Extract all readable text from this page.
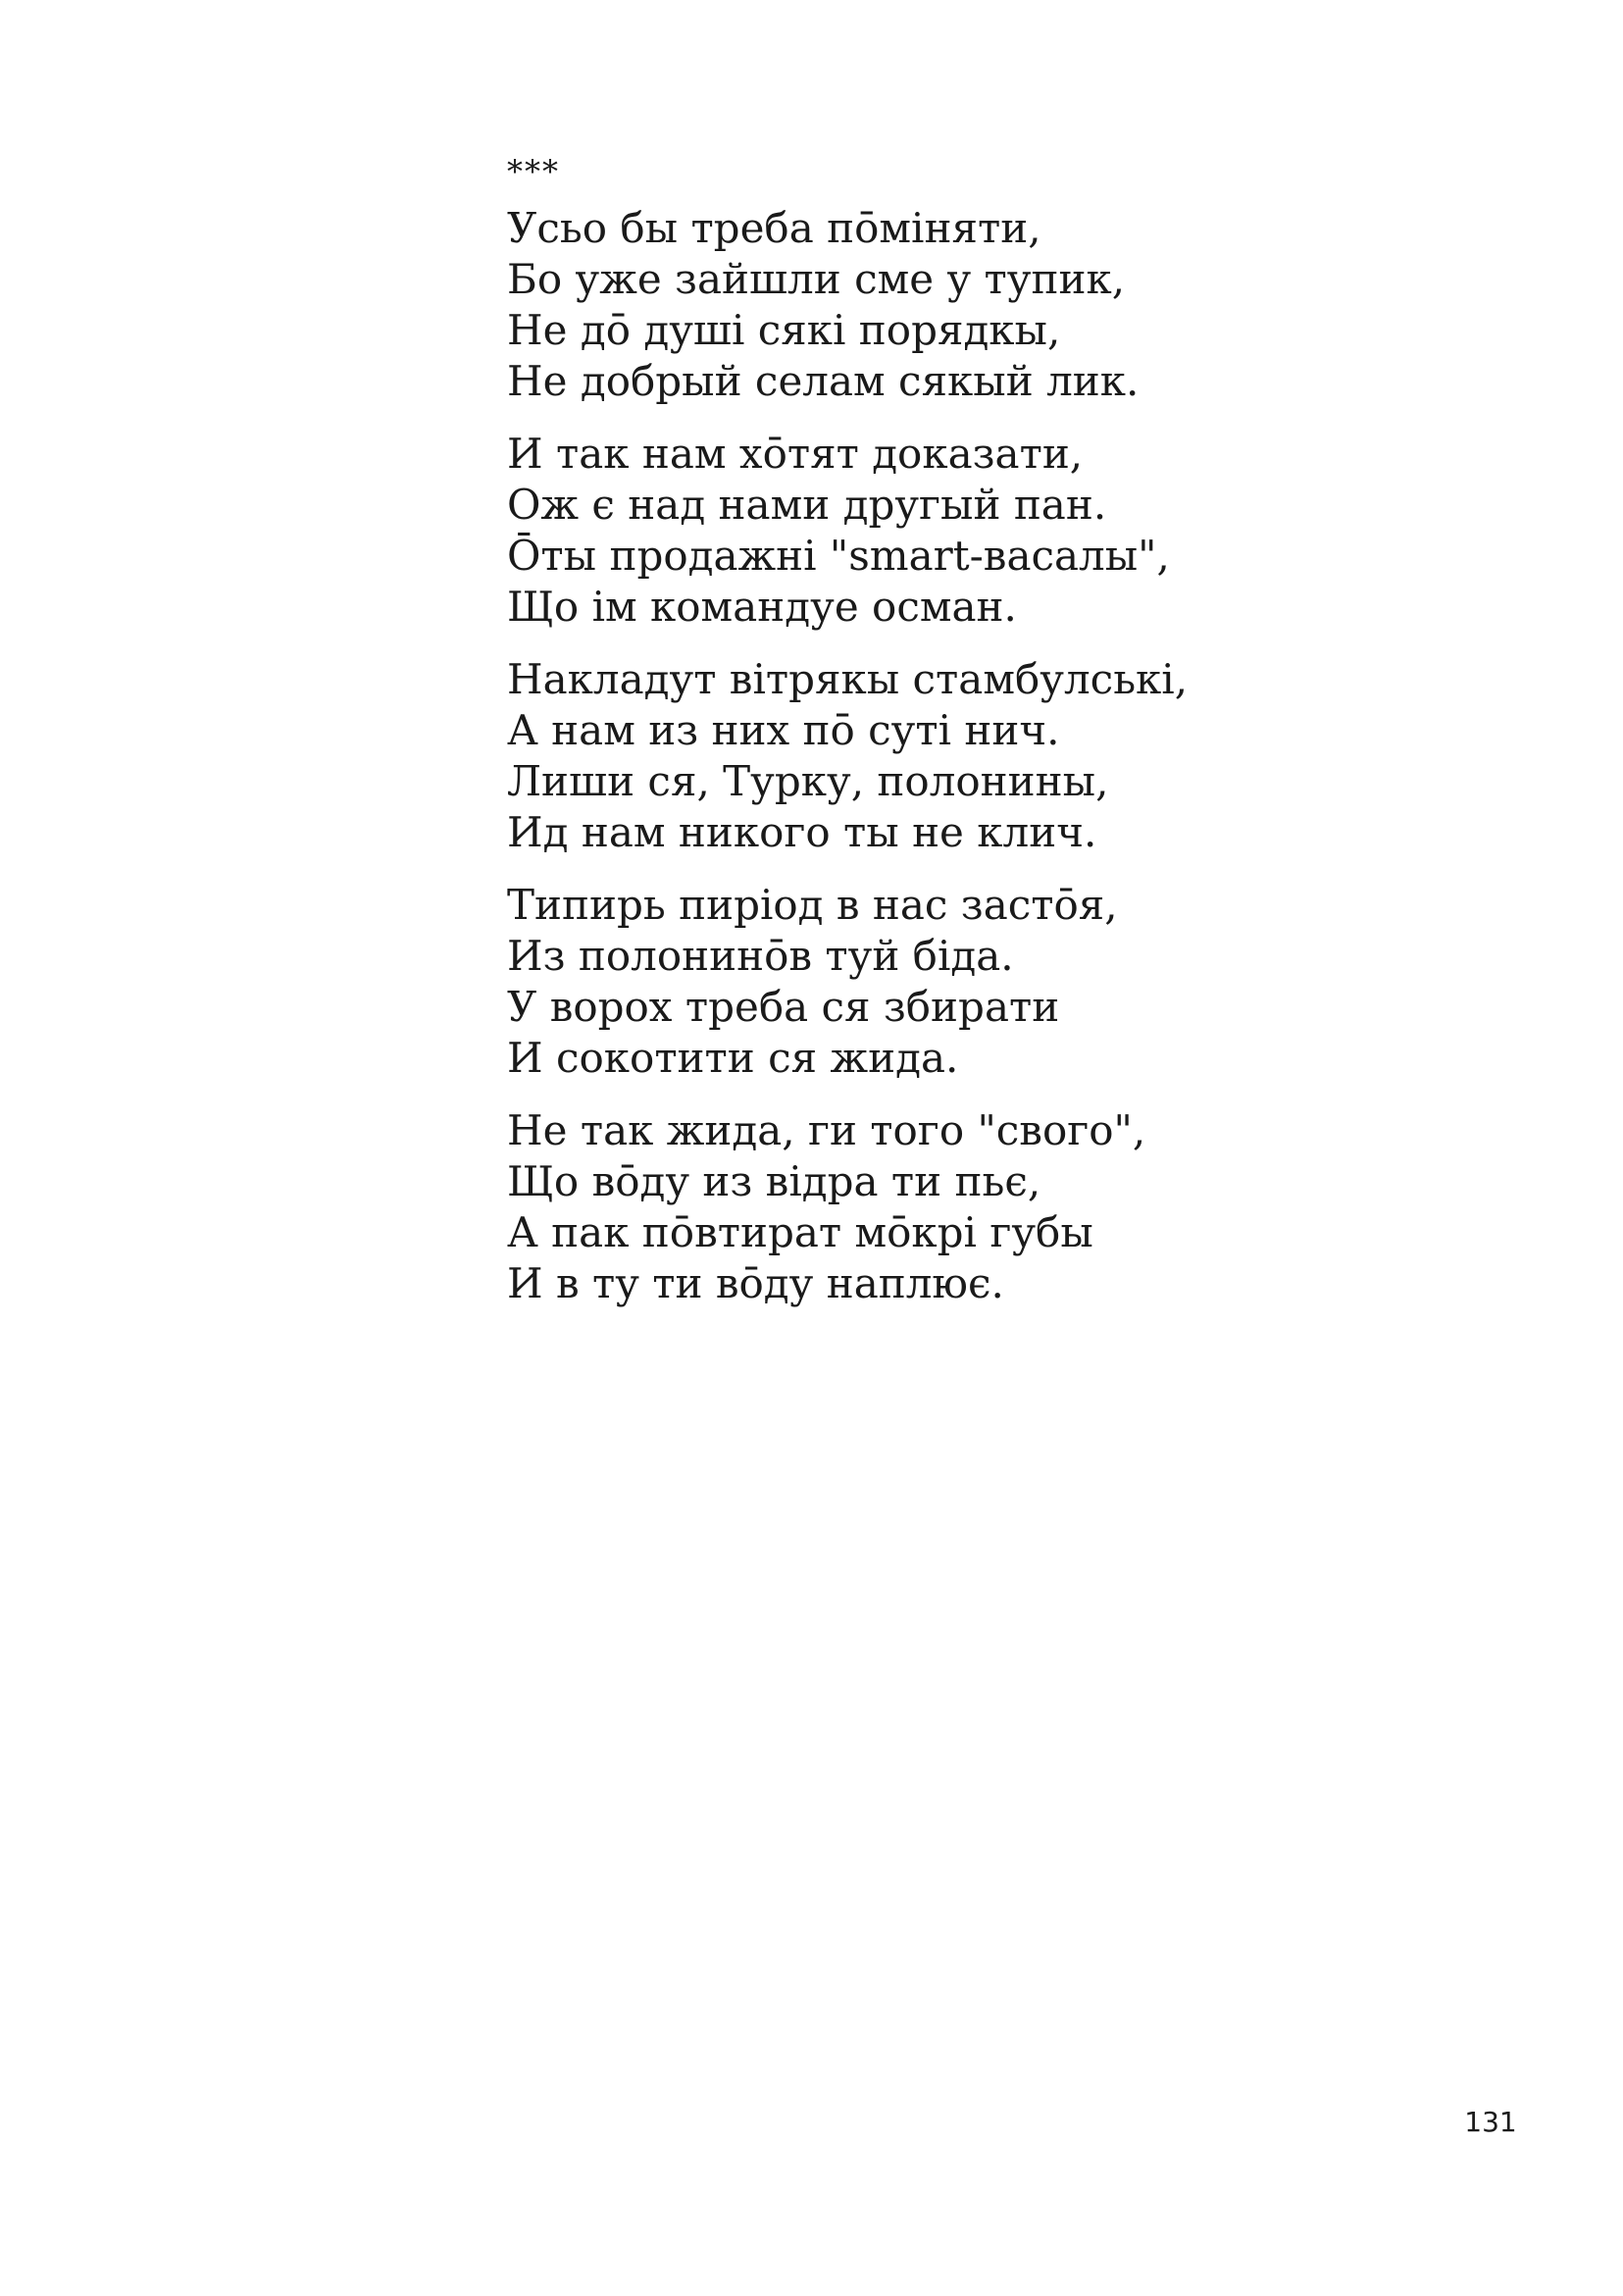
***
Усьо бы треба пōміняти,
Бо уже зайшли сме у тупик,
Не дō душі сякі порядкы,
Не добрый селам сякый лик.
И так нам хōтят доказати,
Ож є над нами другый пан.
Ōты продажні "smart-васалы",
Що ім командуе осман.
Накладут вітрякы стамбулські,
А нам из них пō суті нич.
Лиши ся, Турку, полонины,
Ид нам никого ты не клич.
Типирь пиріод в нас застōя,
Из полонинōв туй біда.
У ворох треба ся збирати
И сокотити ся жида.
Не так жида, ги того "свого",
Що вōду из відра ти пьє,
А пак пōвтират мōкрі губы
И в ту ти вōду наплює.
131
